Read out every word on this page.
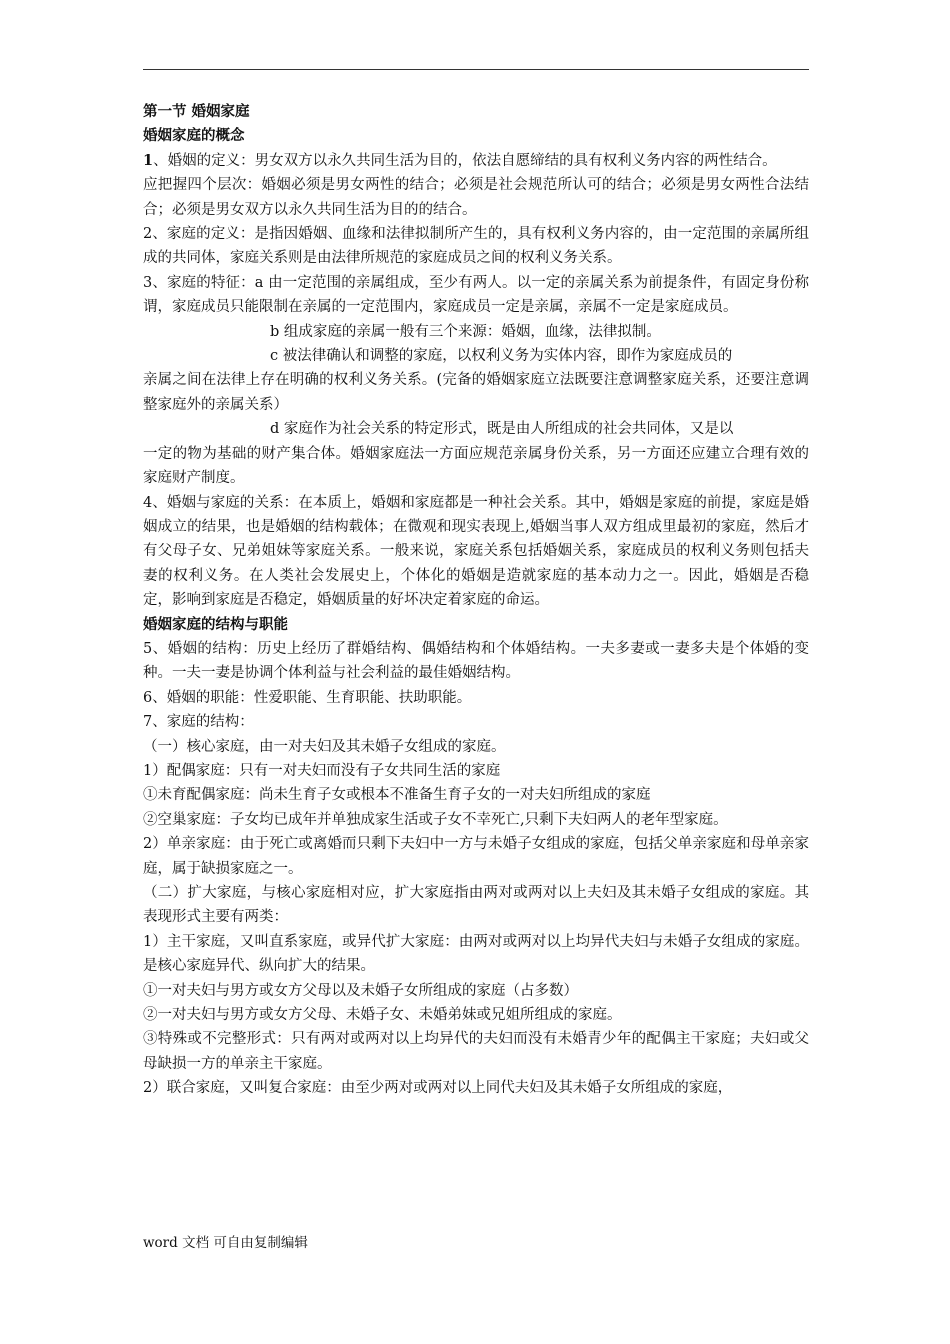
第一节 婚姻家庭

婚姻家庭的概念

1、婚姻的定义：男女双方以永久共同生活为目的，依法自愿缔结的具有权利义务内容的两性结合。

应把握四个层次：婚姻必须是男女两性的结合；必须是社会规范所认可的结合；必须是男女两性合法结合；必须是男女双方以永久共同生活为目的的结合。

2、家庭的定义：是指因婚姻、血缘和法律拟制所产生的，具有权利义务内容的，由一定范围的亲属所组成的共同体，家庭关系则是由法律所规范的家庭成员之间的权利义务关系。

3、家庭的特征：a 由一定范围的亲属组成，至少有两人。以一定的亲属关系为前提条件，有固定身份称谓，家庭成员只能限制在亲属的一定范围内，家庭成员一定是亲属，亲属不一定是家庭成员。

b 组成家庭的亲属一般有三个来源：婚姻，血缘，法律拟制。

c 被法律确认和调整的家庭，以权利义务为实体内容，即作为家庭成员的

亲属之间在法律上存在明确的权利义务关系。(完备的婚姻家庭立法既要注意调整家庭关系，还要注意调整家庭外的亲属关系）

d 家庭作为社会关系的特定形式，既是由人所组成的社会共同体，又是以

一定的物为基础的财产集合体。婚姻家庭法一方面应规范亲属身份关系，另一方面还应建立合理有效的家庭财产制度。

4、婚姻与家庭的关系：在本质上，婚姻和家庭都是一种社会关系。其中，婚姻是家庭的前提，家庭是婚姻成立的结果，也是婚姻的结构载体；在微观和现实表现上,婚姻当事人双方组成里最初的家庭，然后才有父母子女、兄弟姐妹等家庭关系。一般来说，家庭关系包括婚姻关系，家庭成员的权利义务则包括夫妻的权利义务。在人类社会发展史上，个体化的婚姻是造就家庭的基本动力之一。因此，婚姻是否稳定，影响到家庭是否稳定，婚姻质量的好坏决定着家庭的命运。

婚姻家庭的结构与职能

5、婚姻的结构：历史上经历了群婚结构、偶婚结构和个体婚结构。一夫多妻或一妻多夫是个体婚的变种。一夫一妻是协调个体利益与社会利益的最佳婚姻结构。

6、婚姻的职能：性爱职能、生育职能、扶助职能。

7、家庭的结构：

（一）核心家庭，由一对夫妇及其未婚子女组成的家庭。

1）配偶家庭：只有一对夫妇而没有子女共同生活的家庭

①未育配偶家庭：尚未生育子女或根本不准备生育子女的一对夫妇所组成的家庭

②空巢家庭：子女均已成年并单独成家生活或子女不幸死亡,只剩下夫妇两人的老年型家庭。

2）单亲家庭：由于死亡或离婚而只剩下夫妇中一方与未婚子女组成的家庭，包括父单亲家庭和母单亲家庭，属于缺损家庭之一。

（二）扩大家庭，与核心家庭相对应，扩大家庭指由两对或两对以上夫妇及其未婚子女组成的家庭。其表现形式主要有两类：

1）主干家庭，又叫直系家庭，或异代扩大家庭：由两对或两对以上均异代夫妇与未婚子女组成的家庭。是核心家庭异代、纵向扩大的结果。

①一对夫妇与男方或女方父母以及未婚子女所组成的家庭（占多数）

②一对夫妇与男方或女方父母、未婚子女、未婚弟妹或兄姐所组成的家庭。

③特殊或不完整形式：只有两对或两对以上均异代的夫妇而没有未婚青少年的配偶主干家庭；夫妇或父母缺损一方的单亲主干家庭。

2）联合家庭，又叫复合家庭：由至少两对或两对以上同代夫妇及其未婚子女所组成的家庭，

word 文档 可自由复制编辑
